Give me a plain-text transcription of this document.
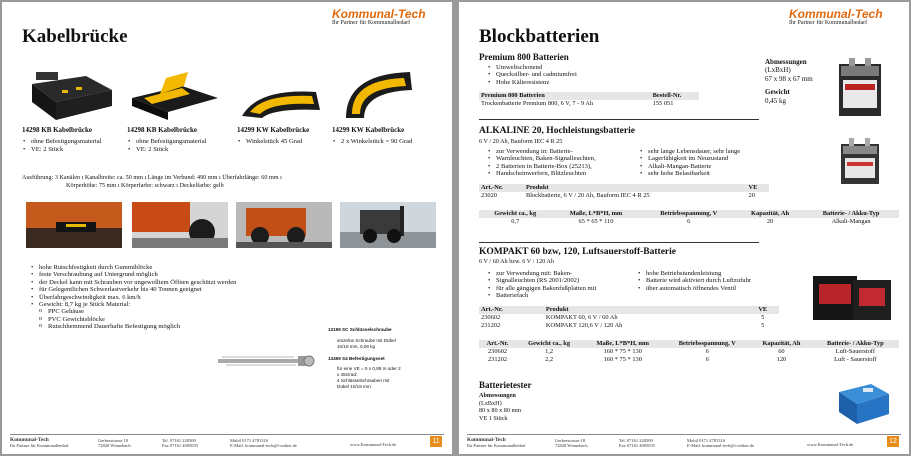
Kommunal-Tech
Ihr Partner für Kommunalbedarf
Kabelbrücke
14298 KB Kabelbrücke
• ohne Befestigungsmaterial
• VE: 2 Stück
14298 KB Kabelbrücke
• ohne Befestigungsmaterial
• VE: 2 Stück
14299 KW Kabelbrücke
• Winkelstück 45 Grad
14299 KW Kabelbrücke
• 2 x Winkelstück = 90 Grad
Ausführung: 3 Kanälen ı Kanalbreite: ca. 50 mm ı Länge im Verbund: 490 mm ı Überfahrlänge: 60 mm ı
Körperhöhe: 75 mm ı Körperfarbe: schwarz ı Deckelfarbe: gelb
• hohe Rutschfestigkeit durch Gummiblöcke
• feste Verschraubung auf Untergrund möglich
• der Deckel kann mit Schrauben vor ungewolltem Öffnen geschützt werden
• für Gelegentlichen Schwerlastverkehr bis 40 Tonnen geeignet
• Überfahrgeschwindigkeit max. 6 km/h
• Gewicht: 8,7 kg je Stück Material:
o PPC Gehäuse
o PVC Gewichtsblöcke
o Rutschhemmend Dauerhafte Befestigung möglich	13159 SC Schlüsselschraube
einzelne Schraube mit Dübel
10/18 mm, 0,08 kg
13459 S4 Befestigungsset
für eine VE = 5 x 0,89 m oder 2
x 45Grad:
4 Schlüsselschrauben mit
Dübel 10/18 mm
Kommunal-Tech
Ihr Partner für Kommunalbedarf
Gerberstrasse 18
72820 Winnebach
Tel. 07161 220500
Fax 07161 4005035
Mobil 0171 4781316
E-Mail: kommunal-tech@t-online.de	www.Kommunal-Tech.de	11
Kommunal-Tech
Ihr Partner für Kommunalbedarf
Blockbatterien
Premium 800 Batterien
• Umweltschonend
• Quecksilber- und cadmiumfrei
• Hohe Kälteresistenz
Abmessungen
(LxBxH)
67 x 98 x 67 mm
Gewicht
0,45 kg
Premium 800 Batterien	Bestell-Nr.
Trockenbatterie Premium 800, 6 V, 7 - 9 Ah	155 051
ALKALINE 20, Hochleistungsbatterie
6 V / 20 Ah, Bauform IEC 4 R 25
• zur Verwendung in: Batterie-
• Warnleuchten, Baken-Signalleuchten,
• 2 Batterien in Batterie-Box (25213),
• Handscheinwerfern, Blitzleuchten
• sehr lange Lebensdauer, sehr lange
• Lagerfähigkeit im Neuzustand
• Alkali-Mangan-Batterie
• sehr hohe Belastbarkeit
Art.-Nr.	Produkt	VE
23020	Blockbatterie, 6 V / 20 Ah, Bauform IEC 4 R 25	20
Gewicht ca., kg	Maße, L*B*H, mm	Betriebsspannung, V	Kapazität, Ah	Batterie- / Akku-Typ
0,7	65 * 65 * 110	6	20	Alkali-Mangan
KOMPAKT 60 bzw, 120, Luftsauerstoff-Batterie
6 V / 60 Ah bzw. 6 V / 120 Ah
• zur Verwendung mit: Baken-
• Signalleuchten (RS 2001/2002)
• für alle gängigen Bakenfußplatten mit
• Batteriefach
• hohe Betriebstundenleistung
• Batterie wird aktiviert durch Luftzufuhr
• über automatisch öffnendes Ventil
Art.-Nr.	Produkt	VE
230602	KOMPAKT 60, 6 V / 60 Ah	5
231202	KOMPAKT 120,6 V / 120 Ah	5
Art.-Nr.	Gewicht ca., kg	Maße, L*B*H, mm	Betriebsspannung, V	Kapazität, Ah	Batterie- / Akku-Typ
230602	1,2	160 * 75 * 130	6	60	Luft-Sauerstoff
231202	2,2	160 * 75 * 130	6	120	Luft - Sauerstoff
Batterietester
Abmessungen
(LxBxH)
80 x 80 x 80 mm
VE 1 Stück
Kommunal-Tech
Ihr Partner für Kommunalbedarf
Gerberstrasse 18
72820 Winnebach
Tel. 07161 220500
Fax 07161 4005035
Mobil 0171 4781316
E-Mail: kommunal-tech@t-online.de	www.Kommunal-Tech.de	12
